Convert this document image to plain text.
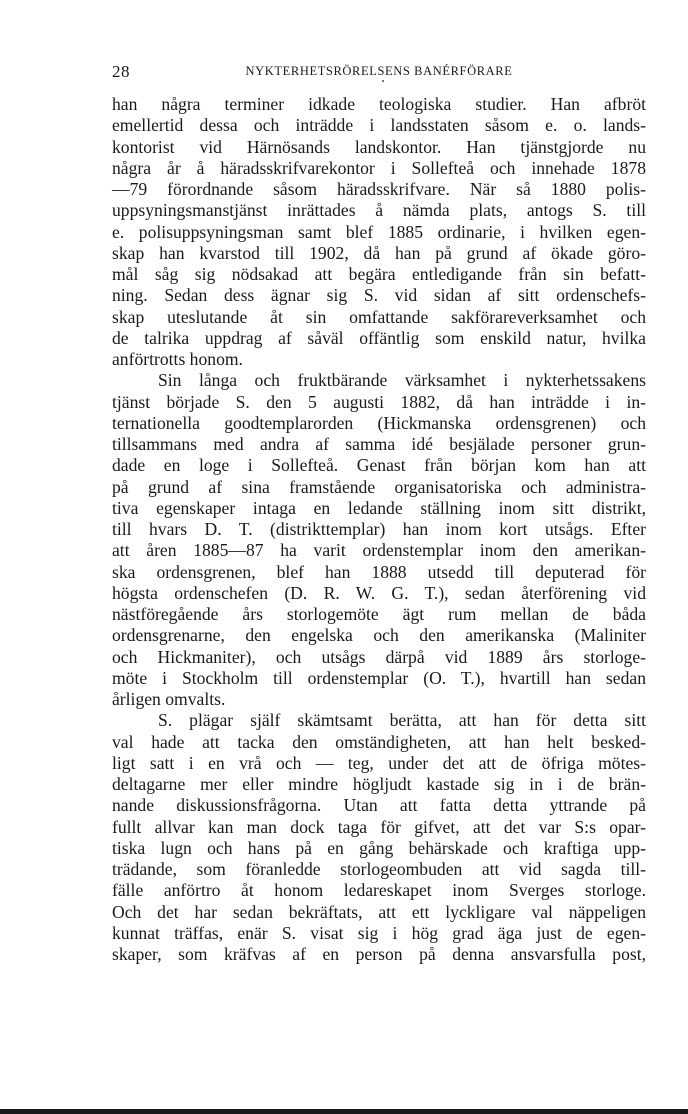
28	NYKTERHETSRÖRELSENS BANÉRFÖRARE
han några terminer idkade teologiska studier. Han afbröt
emellertid dessa och inträdde i landsstaten såsom e. o. lands-
kontorist vid Härnösands landskontor. Han tjänstgjorde nu
några år å häradsskrifvarekontor i Sollefteå och innehade 1878
—79 förordnande såsom häradsskrifvare. När så 1880 polis-
uppsyningsmanstjänst inrättades å nämda plats, antogs S. till
e. polisuppsyningsman samt blef 1885 ordinarie, i hvilken egen-
skap han kvarstod till 1902, då han på grund af ökade göro-
mål såg sig nödsakad att begära entledigande från sin befatt-
ning. Sedan dess ägnar sig S. vid sidan af sitt ordenschefs-
skap uteslutande åt sin omfattande sakförareverksamhet och
de talrika uppdrag af såväl offäntlig som enskild natur, hvilka
anförtrotts honom.
Sin långa och fruktbärande värksamhet i nykterhetssakens
tjänst började S. den 5 augusti 1882, då han inträdde i in-
ternationella goodtemplarorden (Hickmanska ordensgrenen) och
tillsammans med andra af samma idé besjälade personer grun-
dade en loge i Sollefteå. Genast från början kom han att
på grund af sina framstående organisatoriska och administra-
tiva egenskaper intaga en ledande ställning inom sitt distrikt,
till hvars D. T. (distrikttemplar) han inom kort utsågs. Efter
att åren 1885—87 ha varit ordenstemplar inom den amerikan-
ska ordensgrenen, blef han 1888 utsedd till deputerad för
högsta ordenschefen (D. R. W. G. T.), sedan återförening vid
nästföregående års storlogemöte ägt rum mellan de båda
ordensgrenarne, den engelska och den amerikanska (Maliniter
och Hickmaniter), och utsågs därpå vid 1889 års storloge-
möte i Stockholm till ordenstemplar (O. T.), hvartill han sedan
årligen omvalts.
S. plägar själf skämtsamt berätta, att han för detta sitt
val hade att tacka den omständigheten, att han helt besked-
ligt satt i en vrå och — teg, under det att de öfriga mötes-
deltagarne mer eller mindre högljudt kastade sig in i de brän-
nande diskussionsfrågorna. Utan att fatta detta yttrande på
fullt allvar kan man dock taga för gifvet, att det var S:s opar-
tiska lugn och hans på en gång behärskade och kraftiga upp-
trädande, som föranledde storlogeombuden att vid sagda till-
fälle anförtro åt honom ledareskapet inom Sverges storloge.
Och det har sedan bekräftats, att ett lyckligare val näppeligen
kunnat träffas, enär S. visat sig i hög grad äga just de egen-
skaper, som kräfvas af en person på denna ansvarsfulla post,
